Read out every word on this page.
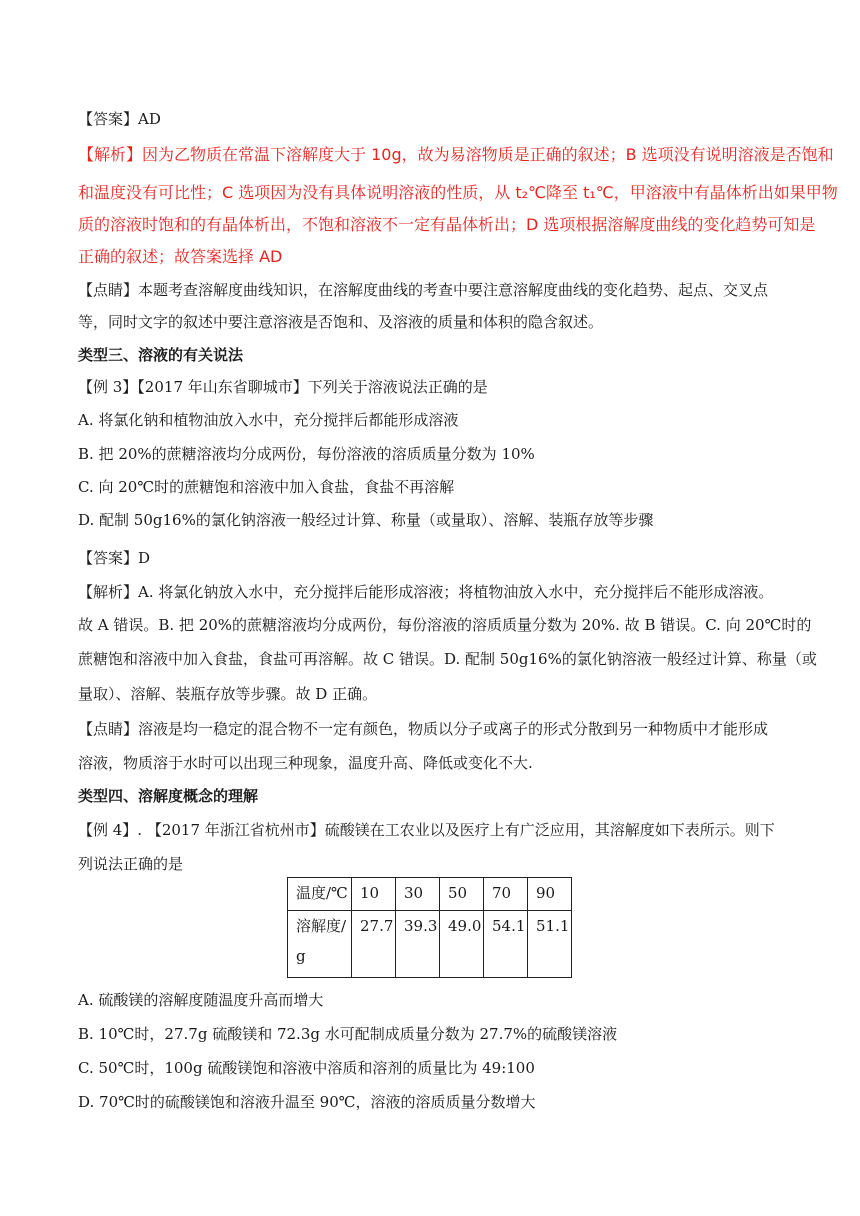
【答案】AD
【解析】因为乙物质在常温下溶解度大于 10g，故为易溶物质是正确的叙述；B 选项没有说明溶液是否饱和
和温度没有可比性；C 选项因为没有具体说明溶液的性质，从 t₂℃降至 t₁℃，甲溶液中有晶体析出如果甲物
质的溶液时饱和的有晶体析出，不饱和溶液不一定有晶体析出；D 选项根据溶解度曲线的变化趋势可知是
正确的叙述；故答案选择 AD
【点睛】本题考查溶解度曲线知识，在溶解度曲线的考查中要注意溶解度曲线的变化趋势、起点、交叉点
等，同时文字的叙述中要注意溶液是否饱和、及溶液的质量和体积的隐含叙述。
类型三、溶液的有关说法
【例 3】【2017 年山东省聊城市】下列关于溶液说法正确的是
A. 将氯化钠和植物油放入水中，充分搅拌后都能形成溶液
B. 把 20%的蔗糖溶液均分成两份，每份溶液的溶质质量分数为 10%
C. 向 20℃时的蔗糖饱和溶液中加入食盐，食盐不再溶解
D. 配制 50g16%的氯化钠溶液一般经过计算、称量（或量取）、溶解、装瓶存放等步骤
【答案】D
【解析】A. 将氯化钠放入水中，充分搅拌后能形成溶液；将植物油放入水中，充分搅拌后不能形成溶液。
故 A 错误。B. 把 20%的蔗糖溶液均分成两份，每份溶液的溶质质量分数为 20%. 故 B 错误。C. 向 20℃时的
蔗糖饱和溶液中加入食盐，食盐可再溶解。故 C 错误。D. 配制 50g16%的氯化钠溶液一般经过计算、称量（或
量取）、溶解、装瓶存放等步骤。故 D 正确。
【点睛】溶液是均一稳定的混合物不一定有颜色，物质以分子或离子的形式分散到另一种物质中才能形成
溶液，物质溶于水时可以出现三种现象，温度升高、降低或变化不大.
类型四、溶解度概念的理解
【例 4】. 【2017 年浙江省杭州市】硫酸镁在工农业以及医疗上有广泛应用，其溶解度如下表所示。则下
列说法正确的是
温度/℃	10	30	50	70	90

溶解度/g	27.7	39.3	49.0	54.1	51.1
A. 硫酸镁的溶解度随温度升高而增大
B. 10℃时，27.7g 硫酸镁和 72.3g 水可配制成质量分数为 27.7%的硫酸镁溶液
C. 50℃时，100g 硫酸镁饱和溶液中溶质和溶剂的质量比为 49:100
D. 70℃时的硫酸镁饱和溶液升温至 90℃，溶液的溶质质量分数增大
